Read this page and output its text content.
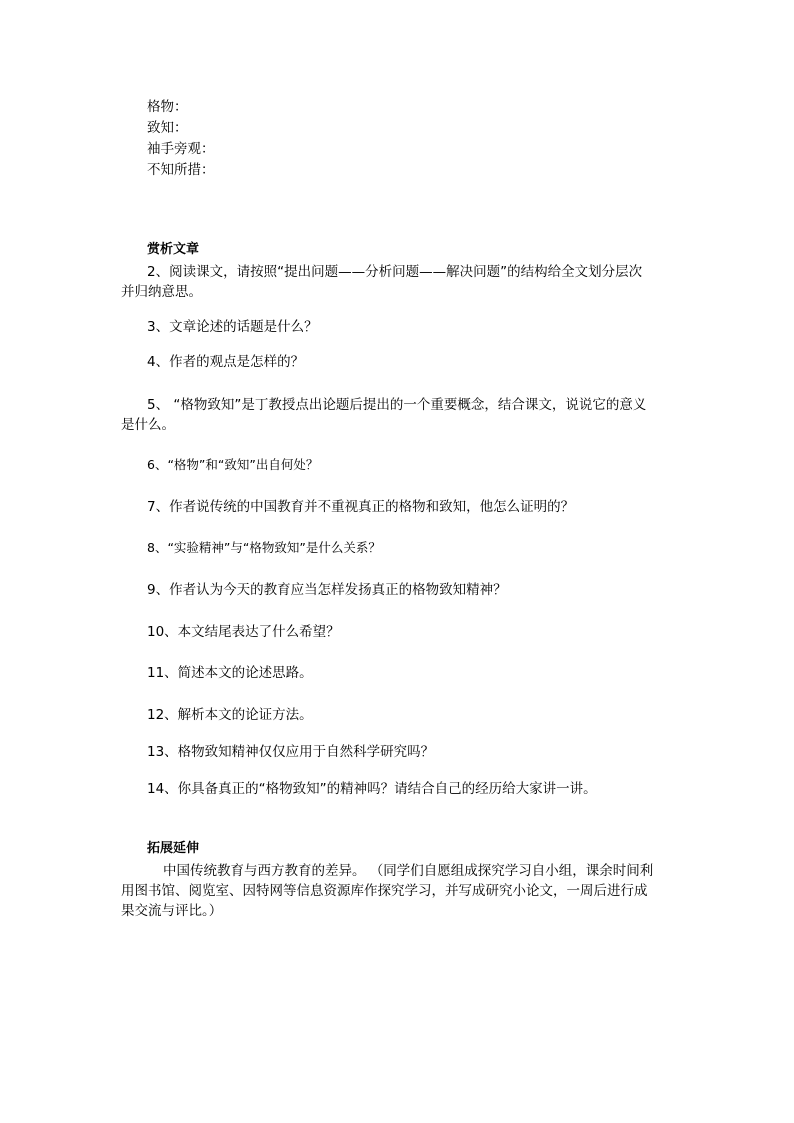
格物：

致知：

袖手旁观：

不知所措：

赏析文章

2、阅读课文，请按照“提出问题——分析问题——解决问题”的结构给全文划分层次并归纳意思。

3、文章论述的话题是什么？

4、作者的观点是怎样的？

5、 “格物致知”是丁教授点出论题后提出的一个重要概念，结合课文，说说它的意义是什么。

6、“格物”和“致知”出自何处？

7、作者说传统的中国教育并不重视真正的格物和致知，他怎么证明的？

8、“实验精神”与“格物致知”是什么关系？

9、作者认为今天的教育应当怎样发扬真正的格物致知精神？

10、本文结尾表达了什么希望？

11、简述本文的论述思路。

12、解析本文的论证方法。

13、格物致知精神仅仅应用于自然科学研究吗？

14、你具备真正的“格物致知”的精神吗？请结合自己的经历给大家讲一讲。

拓展延伸

中国传统教育与西方教育的差异。 （同学们自愿组成探究学习自小组，课余时间利用图书馆、阅览室、因特网等信息资源库作探究学习，并写成研究小论文，一周后进行成果交流与评比。）
